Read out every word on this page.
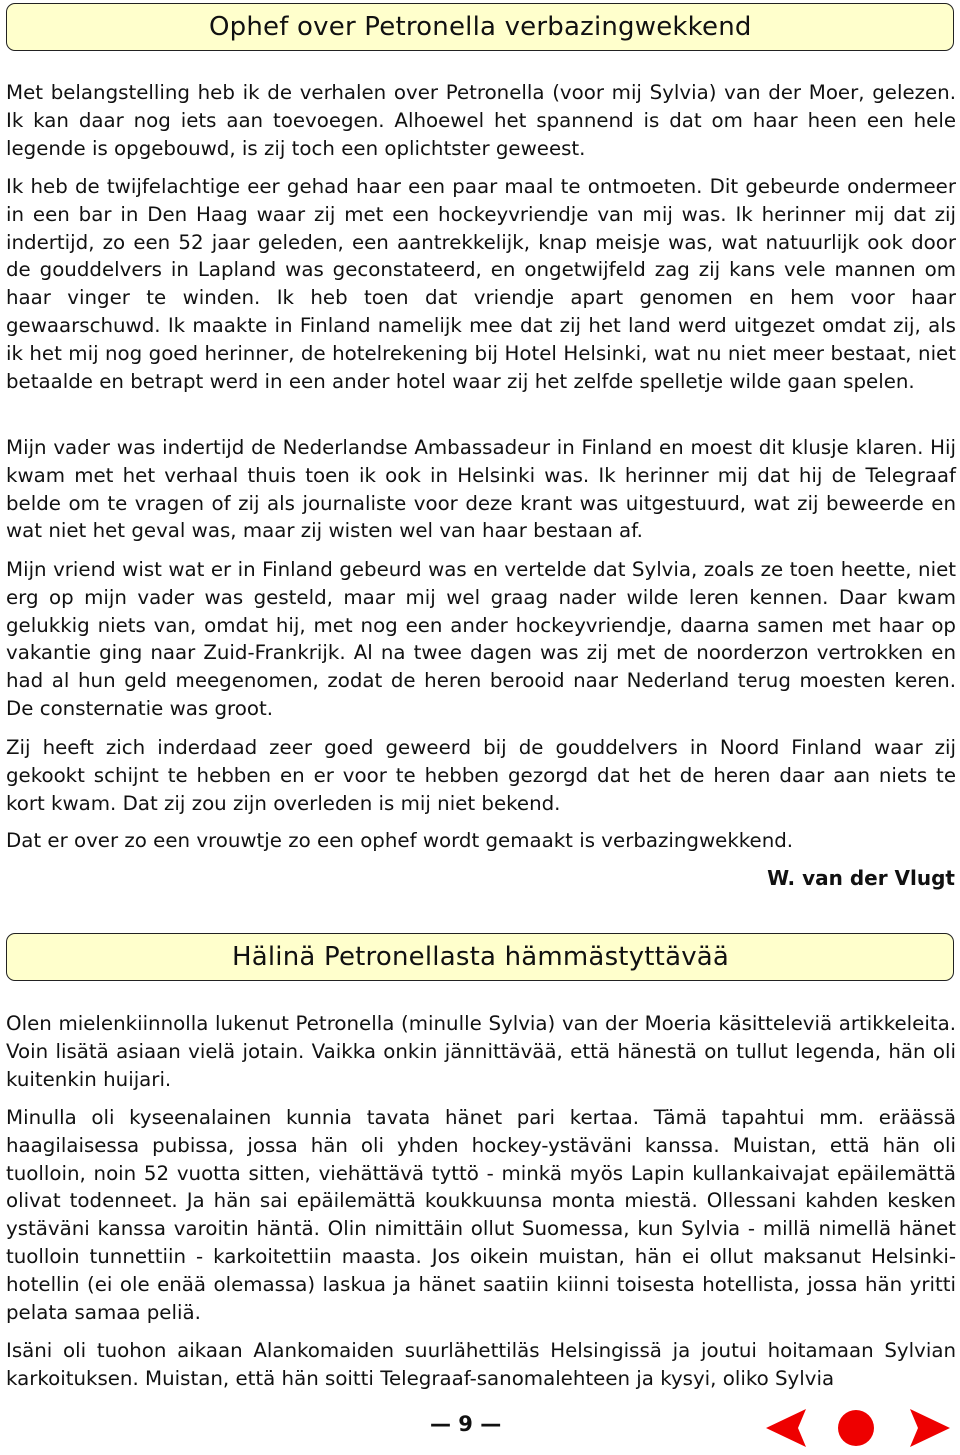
Ophef over Petronella verbazingwekkend

Met belangstelling heb ik de verhalen over Petronella (voor mij Sylvia) van der Moer, gelezen. Ik kan daar nog iets aan toevoegen. Alhoewel het spannend is dat om haar heen een hele legende is opgebouwd, is zij toch een oplichtster geweest.

Ik heb de twijfelachtige eer gehad haar een paar maal te ontmoeten. Dit gebeurde ondermeer in een bar in Den Haag waar zij met een hockeyvriendje van mij was. Ik herinner mij dat zij indertijd, zo een 52 jaar geleden, een aantrekkelijk, knap meisje was, wat natuurlijk ook door de gouddelvers in Lapland was geconstateerd, en ongetwijfeld zag zij kans vele mannen om haar vinger te winden. Ik heb toen dat vriendje apart genomen en hem voor haar gewaarschuwd. Ik maakte in Finland namelijk mee dat zij het land werd uitgezet omdat zij, als ik het mij nog goed herinner, de hotelrekening bij Hotel Helsinki, wat nu niet meer bestaat, niet betaalde en betrapt werd in een ander hotel waar zij het zelfde spelletje wilde gaan spelen.

Mijn vader was indertijd de Nederlandse Ambassadeur in Finland en moest dit klusje klaren. Hij kwam met het verhaal thuis toen ik ook in Helsinki was. Ik herinner mij dat hij de Telegraaf belde om te vragen of zij als journaliste voor deze krant was uitgestuurd, wat zij beweerde en wat niet het geval was, maar zij wisten wel van haar bestaan af.

Mijn vriend wist wat er in Finland gebeurd was en vertelde dat Sylvia, zoals ze toen heette, niet erg op mijn vader was gesteld, maar mij wel graag nader wilde leren kennen. Daar kwam gelukkig niets van, omdat hij, met nog een ander hockeyvriendje, daarna samen met haar op vakantie ging naar Zuid-Frankrijk. Al na twee dagen was zij met de noorderzon vertrokken en had al hun geld meegenomen, zodat de heren berooid naar Nederland terug moesten keren. De consternatie was groot.

Zij heeft zich inderdaad zeer goed geweerd bij de gouddelvers in Noord Finland waar zij gekookt schijnt te hebben en er voor te hebben gezorgd dat het de heren daar aan niets te kort kwam. Dat zij zou zijn overleden is mij niet bekend.

Dat er over zo een vrouwtje zo een ophef wordt gemaakt is verbazingwekkend.

W. van der Vlugt
Hälinä Petronellasta hämmästyttävää

Olen mielenkiinnolla lukenut Petronella (minulle Sylvia) van der Moeria käsitteleviä artikkeleita. Voin lisätä asiaan vielä jotain. Vaikka onkin jännittävää, että hänestä on tullut legenda, hän oli kuitenkin huijari.

Minulla oli kyseenalainen kunnia tavata hänet pari kertaa. Tämä tapahtui mm. eräässä haagilaisessa pubissa, jossa hän oli yhden hockey-ystäväni kanssa. Muistan, että hän oli tuolloin, noin 52 vuotta sitten, viehättävä tyttö - minkä myös Lapin kullankaivajat epäilemättä olivat todenneet. Ja hän sai epäilemättä koukkuunsa monta miestä. Ollessani kahden kesken ystäväni kanssa varoitin häntä. Olin nimittäin ollut Suomessa, kun Sylvia - millä nimellä hänet tuolloin tunnettiin - karkoitettiin maasta. Jos oikein muistan, hän ei ollut maksanut Helsinki-hotellin (ei ole enää olemassa) laskua ja hänet saatiin kiinni toisesta hotellista, jossa hän yritti pelata samaa peliä.

Isäni oli tuohon aikaan Alankomaiden suurlähettiläs Helsingissä ja joutui hoitamaan Sylvian karkoituksen. Muistan, että hän soitti Telegraaf-sanomalehteen ja kysyi, oliko Sylvia

— 9 —
